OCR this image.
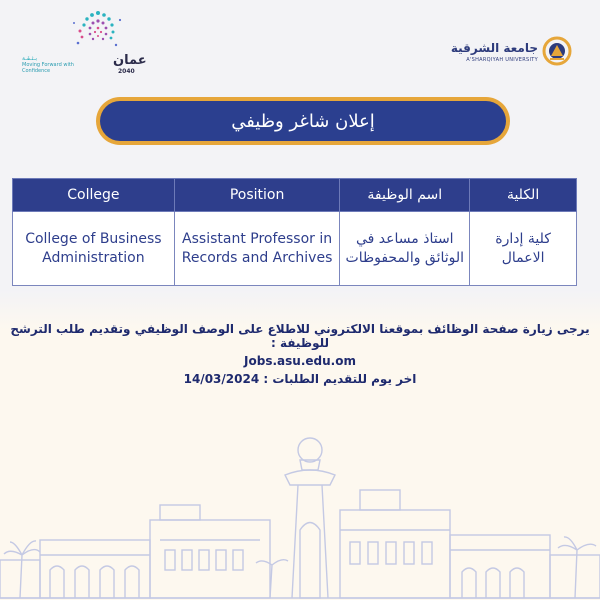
بـثـقـة
Moving Forward with Confidence
عمان
2040
جامعة الشرقية
A'SHARQIYAH UNIVERSITY
إعلان شاغر وظيفي
College	Position	اسم الوظيفة	الكلية
College of Business Administration	Assistant Professor in Records and Archives	استاذ مساعد في الوثائق والمحفوظات	كلية إدارة الاعمال
يرجى زيارة صفحة الوظائف بموقعنا الالكتروني للاطلاع على الوصف الوظيفي وتقديم طلب الترشح للوظيفة :
Jobs.asu.edu.om
اخر يوم للتقديم الطلبات : 14/03/2024
